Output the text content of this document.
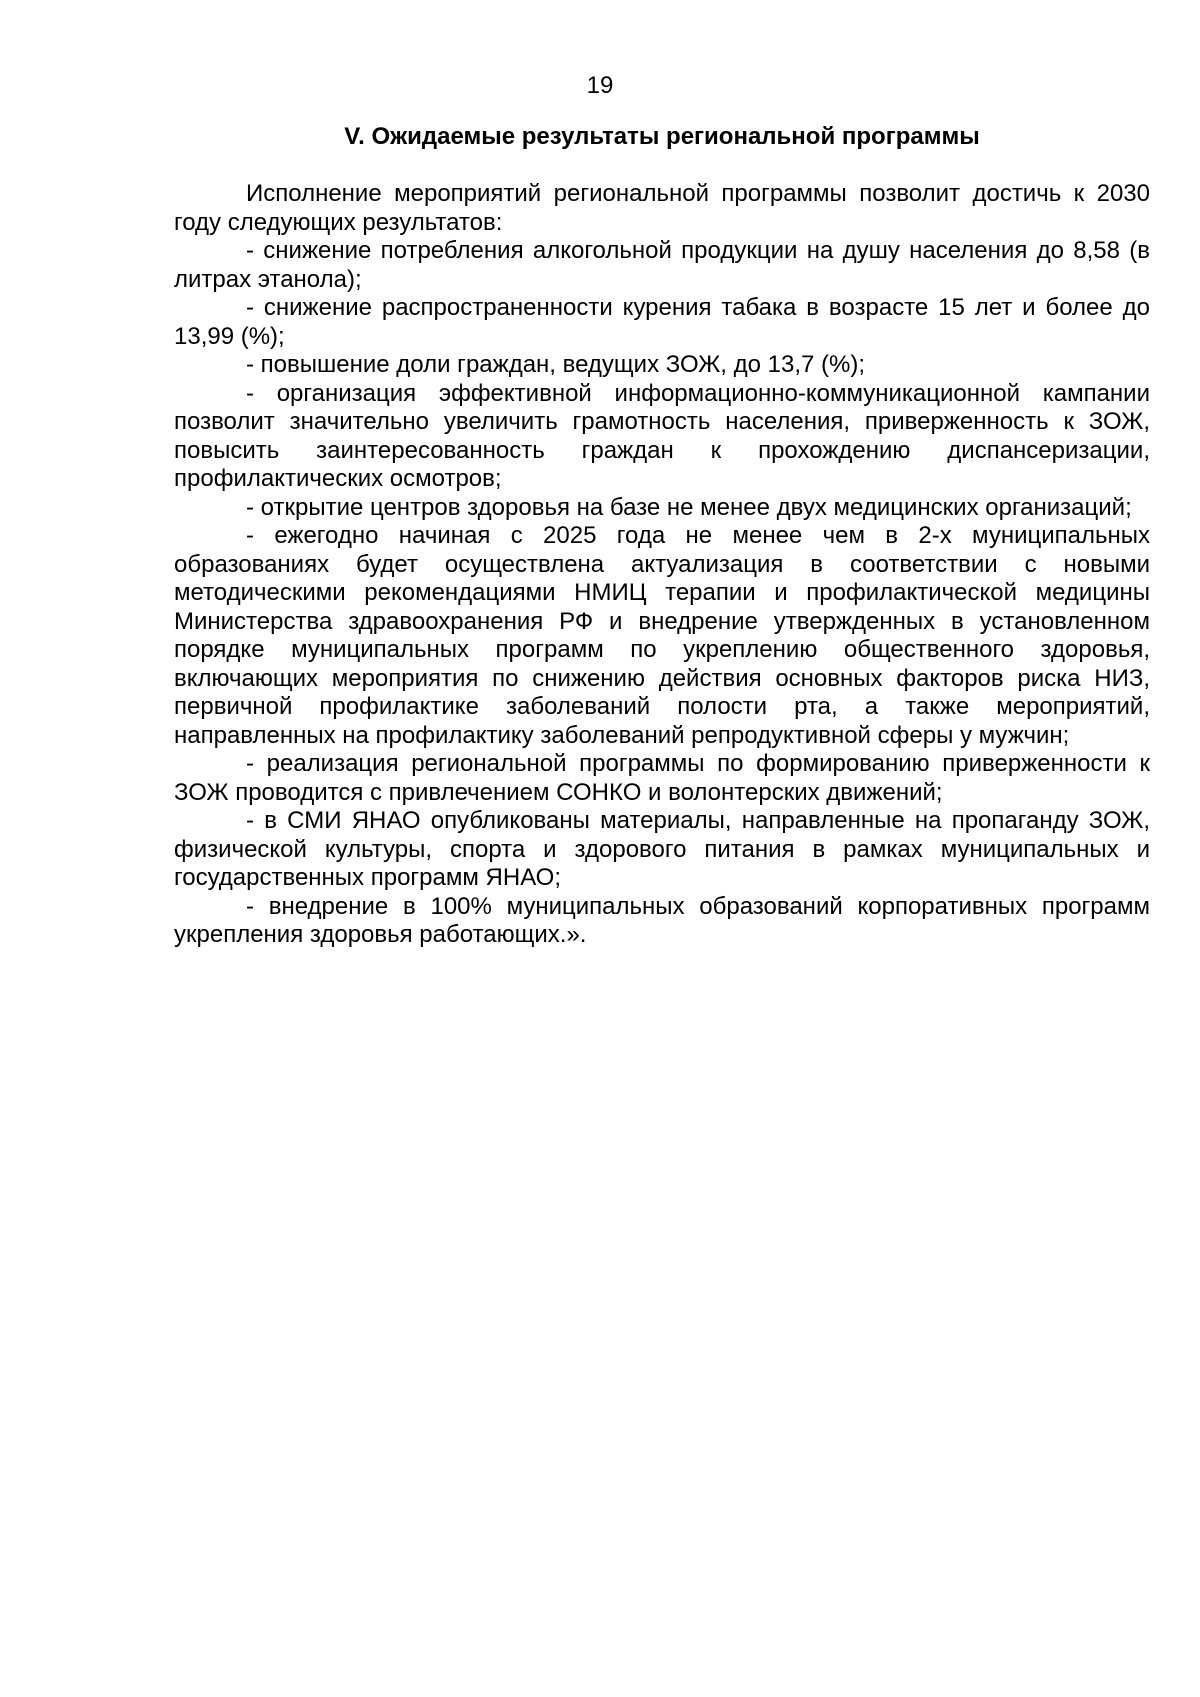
19
V. Ожидаемые результаты региональной программы

Исполнение мероприятий региональной программы позволит достичь к 2030 году следующих результатов:

- снижение потребления алкогольной продукции на душу населения до 8,58 (в литрах этанола);

- снижение распространенности курения табака в возрасте 15 лет и более до 13,99 (%);

- повышение доли граждан, ведущих ЗОЖ, до 13,7 (%);

- организация эффективной информационно-коммуникационной кампании позволит значительно увеличить грамотность населения, приверженность к ЗОЖ, повысить заинтересованность граждан к прохождению диспансеризации, профилактических осмотров;

- открытие центров здоровья на базе не менее двух медицинских организаций;

- ежегодно начиная с 2025 года не менее чем в 2-х муниципальных образованиях будет осуществлена актуализация в соответствии с новыми методическими рекомендациями НМИЦ терапии и профилактической медицины Министерства здравоохранения РФ и внедрение утвержденных в установленном порядке муниципальных программ по укреплению общественного здоровья, включающих мероприятия по снижению действия основных факторов риска НИЗ, первичной профилактике заболеваний полости рта, а также мероприятий, направленных на профилактику заболеваний репродуктивной сферы у мужчин;

- реализация региональной программы по формированию приверженности к ЗОЖ проводится с привлечением СОНКО и волонтерских движений;

- в СМИ ЯНАО опубликованы материалы, направленные на пропаганду ЗОЖ, физической культуры, спорта и здорового питания в рамках муниципальных и государственных программ ЯНАО;

- внедрение в 100% муниципальных образований корпоративных программ укрепления здоровья работающих.».
